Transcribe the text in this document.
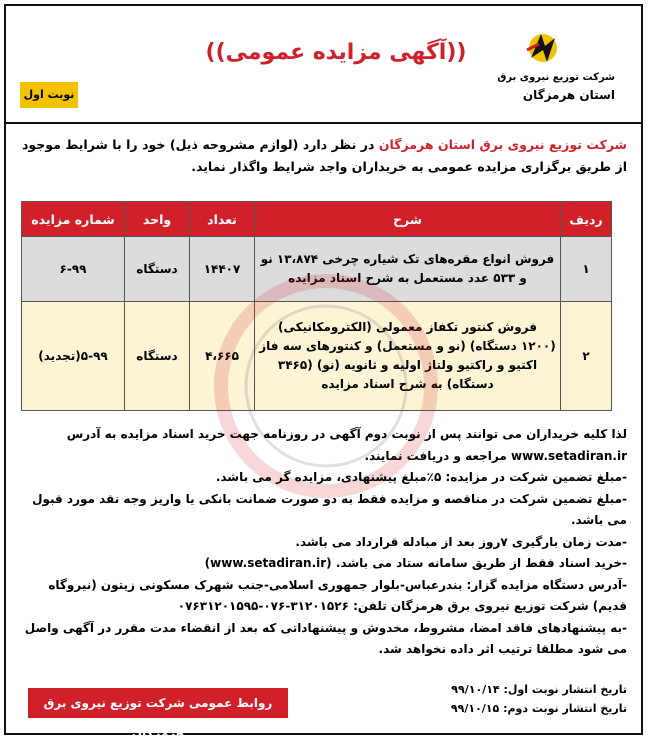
شرکت توزیع نیروی برق
استان هرمزگان
((آگهی مزایده عمومی))
نوبت اول
شرکت توزیع نیروی برق استان هرمزگان در نظر دارد (لوازم مشروحه ذیل) خود را با شرایط موجود از طریق برگزاری مزایده عمومی به خریداران واجد شرایط واگذار نماید.
ردیف	شرح	تعداد	واحد	شماره مزایده
۱	فروش انواع مقره‌های تک شیاره چرخی ۱۳،۸۷۴ نو و ۵۳۳ عدد مستعمل به شرح اسناد مزایده	۱۴۴۰۷	دستگاه	۶-۹۹
۲	فروش کنتور تکفاز معمولی (الکترومکانیکی) (۱۲۰۰ دستگاه) (نو و مستعمل) و کنتورهای سه فاز اکتیو و راکتیو ولتاژ اولیه و ثانویه (نو) (۳۴۶۵ دستگاه) به شرح اسناد مزایده	۴،۶۶۵	دستگاه	۵-۹۹(تجدید)

لذا کلیه خریداران می توانند پس از نوبت دوم آگهی در روزنامه جهت خرید اسناد مزایده به آدرس www.setadiran.ir مراجعه و دریافت نمایند.

-مبلغ تضمین شرکت در مزایده: ۵٪مبلغ پیشنهادی، مزایده گر می باشد.

-مبلغ تضمین شرکت در مناقصه و مزایده فقط به دو صورت ضمانت بانکی یا واریز وجه نقد مورد قبول می باشد.

-مدت زمان بارگیری ۷روز بعد از مبادله قرارداد می باشد.

-خرید اسناد فقط از طریق سامانه ستاد می باشد. (www.setadiran.ir)

-آدرس دستگاه مزایده گزار: بندرعباس-بلوار جمهوری اسلامی-جنب شهرک مسکونی زیتون (نیروگاه قدیم) شرکت توزیع نیروی برق هرمزگان تلفن: ۳۱۲۰۱۵۲۶-۰۷۶-۰۷۶۳۱۲۰۱۵۹۵

-به پیشنهادهای فاقد امضا، مشروط، مخدوش و پیشنهاداتی که بعد از انقضاء مدت مقرر در آگهی واصل می شود مطلقا ترتیب اثر داده نخواهد شد.

تاریخ انتشار نوبت اول: ۹۹/۱۰/۱۴
تاریخ انتشار نوبت دوم: ۹۹/۱۰/۱۵
روابط عمومی شرکت توزیع نیروی برق هرمزگان
